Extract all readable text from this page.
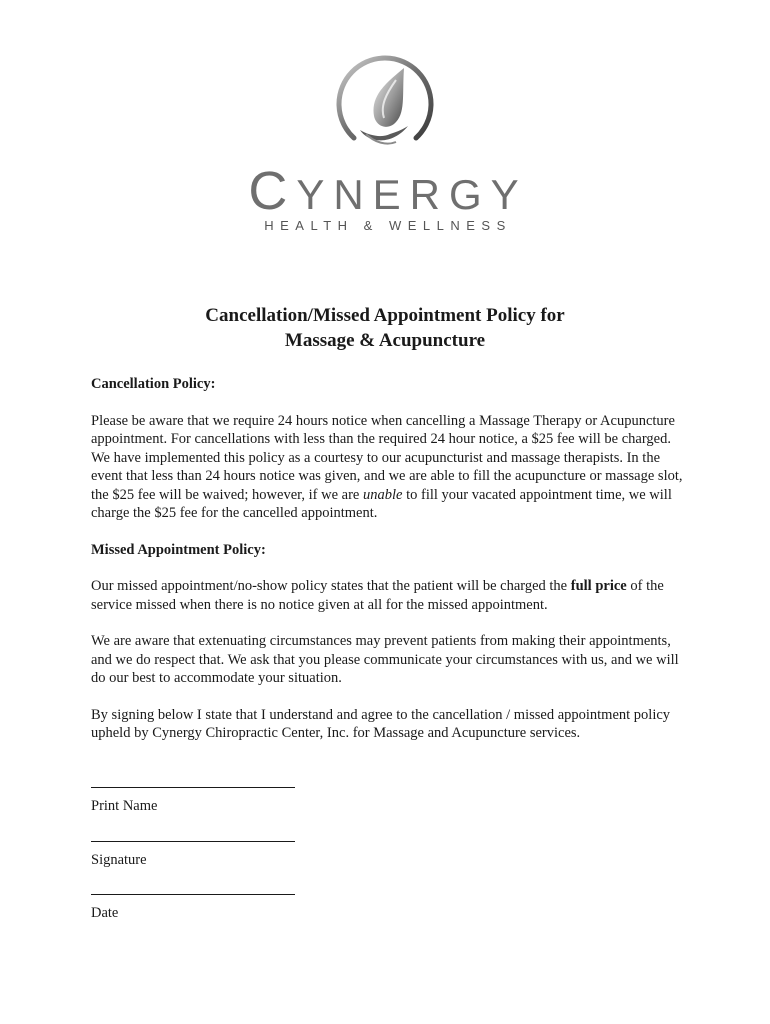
CYNERGY
HEALTH & WELLNESS
Cancellation/Missed Appointment Policy for
Massage & Acupuncture
Cancellation Policy:

Please be aware that we require 24 hours notice when cancelling a Massage Therapy or Acupuncture appointment. For cancellations with less than the required 24 hour notice, a $25 fee will be charged. We have implemented this policy as a courtesy to our acupuncturist and massage therapists. In the event that less than 24 hours notice was given, and we are able to fill the acupuncture or massage slot, the $25 fee will be waived; however, if we are unable to fill your vacated appointment time, we will charge the $25 fee for the cancelled appointment.

Missed Appointment Policy:

Our missed appointment/no-show policy states that the patient will be charged the full price of the service missed when there is no notice given at all for the missed appointment.

We are aware that extenuating circumstances may prevent patients from making their appointments, and we do respect that. We ask that you please communicate your circumstances with us, and we will do our best to accommodate your situation.

By signing below I state that I understand and agree to the cancellation / missed appointment policy upheld by Cynergy Chiropractic Center, Inc. for Massage and Acupuncture services.

Print Name
Signature
Date
